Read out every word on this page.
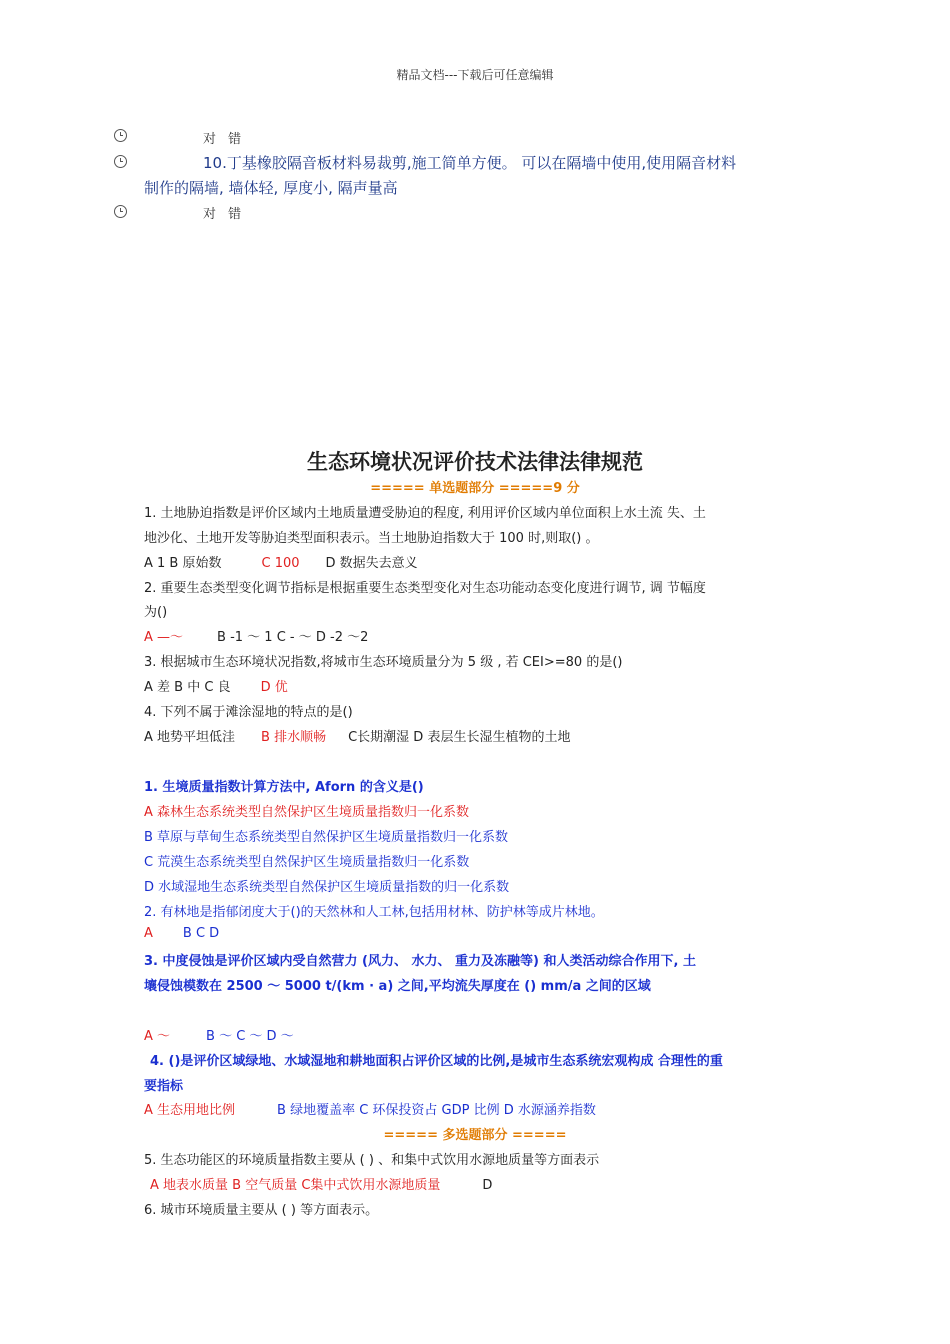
精品文档---下载后可任意编辑
对 错
10.丁基橡胶隔音板材料易裁剪,施工简单方便。 可以在隔墙中使用,使用隔音材料
制作的隔墙, 墙体轻, 厚度小, 隔声量高
对 错
生态环境状况评价技术法律法律规范
===== 单选题部分 =====9 分
1. 土地胁迫指数是评价区域内土地质量遭受胁迫的程度, 利用评价区域内单位面积上水土流 失、土
地沙化、土地开发等胁迫类型面积表示。当土地胁迫指数大于 100 时,则取() 。
A 1 B 原始数	C 100 D 数据失去意义
2. 重要生态类型变化调节指标是根据重要生态类型变化对生态功能动态变化度进行调节, 调 节幅度
为()
A —～	B -1 ～ 1 C - ～ D -2 ～2
3. 根据城市生态环境状况指数,将城市生态环境质量分为 5 级 , 若 CEI>=80 的是()
A 差 B 中 C 良 D 优
4. 下列不属于滩涂湿地的特点的是()
A 地势平坦低洼 B 排水顺畅 C长期潮湿 D 表层生长湿生植物的土地
1. 生境质量指数计算方法中, Aforn 的含义是()
A 森林生态系统类型自然保护区生境质量指数归一化系数
B 草原与草甸生态系统类型自然保护区生境质量指数归一化系数
C 荒漠生态系统类型自然保护区生境质量指数归一化系数
D 水域湿地生态系统类型自然保护区生境质量指数的归一化系数
2. 有林地是指郁闭度大于()的天然林和人工林,包括用材林、防护林等成片林地。
A B C D
3. 中度侵蚀是评价区域内受自然营力 (风力、 水力、 重力及冻融等) 和人类活动综合作用下, 土
壤侵蚀模数在 2500 ～ 5000 t/(km · a) 之间,平均流失厚度在 () mm/a 之间的区域
A ～	B ～ C ～ D ～
4. ()是评价区域绿地、水域湿地和耕地面积占评价区域的比例,是城市生态系统宏观构成 合理性的重
要指标
A 生态用地比例	B 绿地覆盖率 C 环保投资占 GDP 比例 D 水源涵养指数
===== 多选题部分 =====
5. 生态功能区的环境质量指数主要从 ( ) 、和集中式饮用水源地质量等方面表示
A 地表水质量 B 空气质量 C集中式饮用水源地质量	D
6. 城市环境质量主要从 ( ) 等方面表示。
